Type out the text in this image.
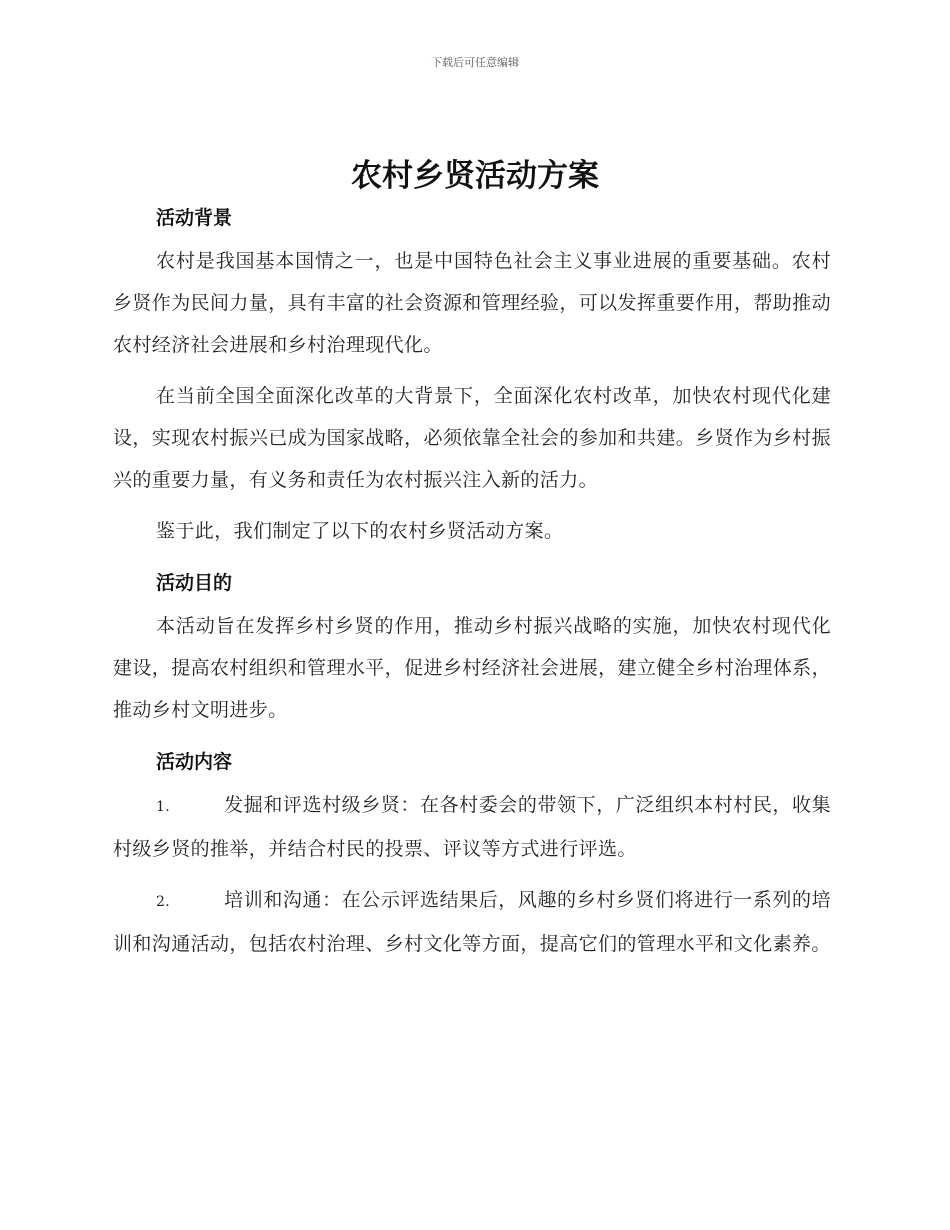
下载后可任意编辑
农村乡贤活动方案
活动背景

农村是我国基本国情之一，也是中国特色社会主义事业进展的重要基础。农村乡贤作为民间力量，具有丰富的社会资源和管理经验，可以发挥重要作用，帮助推动农村经济社会进展和乡村治理现代化。

在当前全国全面深化改革的大背景下，全面深化农村改革，加快农村现代化建设，实现农村振兴已成为国家战略，必须依靠全社会的参加和共建。乡贤作为乡村振兴的重要力量，有义务和责任为农村振兴注入新的活力。

鉴于此，我们制定了以下的农村乡贤活动方案。

活动目的

本活动旨在发挥乡村乡贤的作用，推动乡村振兴战略的实施，加快农村现代化建设，提高农村组织和管理水平，促进乡村经济社会进展，建立健全乡村治理体系，推动乡村文明进步。

活动内容

1.	发掘和评选村级乡贤：在各村委会的带领下，广泛组织本村村民，收集村级乡贤的推举，并结合村民的投票、评议等方式进行评选。

2.	培训和沟通：在公示评选结果后，风趣的乡村乡贤们将进行一系列的培训和沟通活动，包括农村治理、乡村文化等方面，提高它们的管理水平和文化素养。
